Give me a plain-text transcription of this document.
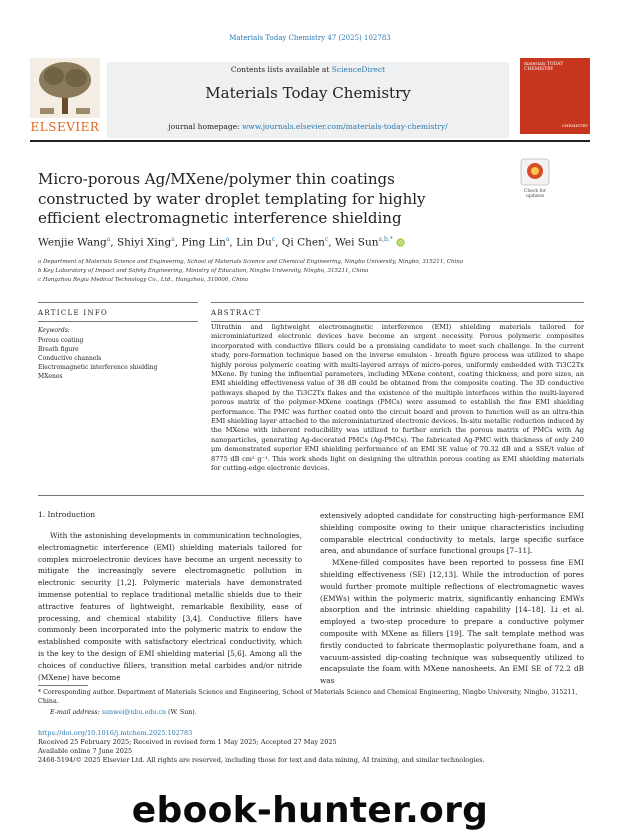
Materials Today Chemistry 47 (2025) 102783
ELSEVIER
Contents lists available at ScienceDirect
Materials Today Chemistry
journal homepage: www.journals.elsevier.com/materials-today-chemistry/
materials TODAY CHEMISTRY
CHEMISTRY
Micro-porous Ag/MXene/polymer thin coatings constructed by water droplet templating for highly efficient electromagnetic interference shielding
Check for updates
Wenjie Wang$^a$, Shiyi Xing$^a$, Ping Lin$^a$, Lin Du$^c$, Qi Chen$^c$, Wei Sun$^{a,b,*}$
iD
a Department of Materials Science and Engineering, School of Materials Science and Chemical Engineering, Ningbo University, Ningbo, 315211, China
b Key Laboratory of Impact and Safety Engineering, Ministry of Education, Ningbo University, Ningbo, 315211, China
c Hangzhou Regia Medical Technology Co., Ltd., Hangzhou, 310000, China
ARTICLE INFO
Keywords:
Porous coating
Breath figure
Conductive channels
Electromagnetic interference shielding
MXenes
ABSTRACT
Ultrathin and lightweight electromagnetic interference (EMI) shielding materials tailored for microminiaturized electronic devices have become an urgent necessity. Porous polymeric composites incorporated with conductive fillers could be a promising candidate to meet such challenge. In the current study, pore-formation technique based on the inverse emulsion - breath figure process was utilized to shape highly porous polymeric coating with multi-layered arrays of micro-pores, uniformly embedded with Ti3C2Tx MXene. By tuning the influential parameters, including MXene content, coating thickness, and pore sizes, an EMI shielding effectiveness value of 38 dB could be obtained from the composite coating. The 3D conductive pathways shaped by the Ti3C2Tx flakes and the existence of the multiple interfaces within the multi-layered porous matrix of the polymer-MXene coatings (PMCs) were assumed to establish the fine EMI shielding performance. The PMC was further coated onto the circuit board and proven to function well as an ultra-thin EMI shielding layer attached to the microminiaturized electronic devices. In-situ metallic reduction induced by the MXene with inherent reducibility was utilized to further enrich the porous matrix of PMCs with Ag nanoparticles, generating Ag-decorated PMCs (Ag-PMCs). The fabricated Ag-PMC with thickness of only 240 μm demonstrated superior EMI shielding performance of an EMI SE value of 70.32 dB and a SSE/t value of 8775 dB cm² g⁻¹. This work sheds light on designing the ultrathin porous coating as EMI shielding materials for cutting-edge electronic devices.
1. Introduction
With the astonishing developments in communication technologies, electromagnetic interference (EMI) shielding materials tailored for complex microelectronic devices have become an urgent necessity to mitigate the increasingly severe electromagnetic pollution in electronic security [1,2]. Polymeric materials have demonstrated immense potential to replace traditional metallic shields due to their attractive features of lightweight, remarkable flexibility, ease of processing, and chemical stability [3,4]. Conductive fillers have commonly been incorporated into the polymeric matrix to endow the established composite with satisfactory electrical conductivity, which is the key to the design of EMI shielding material [5,6]. Among all the choices of conductive fillers, transition metal carbides and/or nitride (MXene) have become
extensively adopted candidate for constructing high-performance EMI shielding composite owing to their unique characteristics including comparable electrical conductivity to metals, large specific surface area, and abundance of surface functional groups [7–11].
MXene-filled composites have been reported to possess fine EMI shielding effectiveness (SE) [12,13]. While the introduction of pores would further promote multiple reflections of electromagnetic waves (EMWs) within the polymeric matrix, significantly enhancing EMWs absorption and the intrinsic shielding capability [14–18]. Li et al. employed a two-step procedure to prepare a conductive polymer composite with MXene as fillers [19]. The salt template method was firstly conducted to fabricate thermoplastic polyurethane foam, and a vacuum-assisted dip-coating technique was subsequently utilized to encapsulate the foam with MXene nanosheets. An EMI SE of 72.2 dB was
* Corresponding author. Department of Materials Science and Engineering, School of Materials Science and Chemical Engineering, Ningbo University, Ningbo, 315211, China.
E-mail address: sunwei@nbu.edu.cn (W. Sun).
https://doi.org/10.1016/j.mtchem.2025.102783
Received 25 February 2025; Received in revised form 1 May 2025; Accepted 27 May 2025
Available online 7 June 2025
2468-5194/© 2025 Elsevier Ltd. All rights are reserved, including those for text and data mining, AI training, and similar technologies.
ebook-hunter.org
